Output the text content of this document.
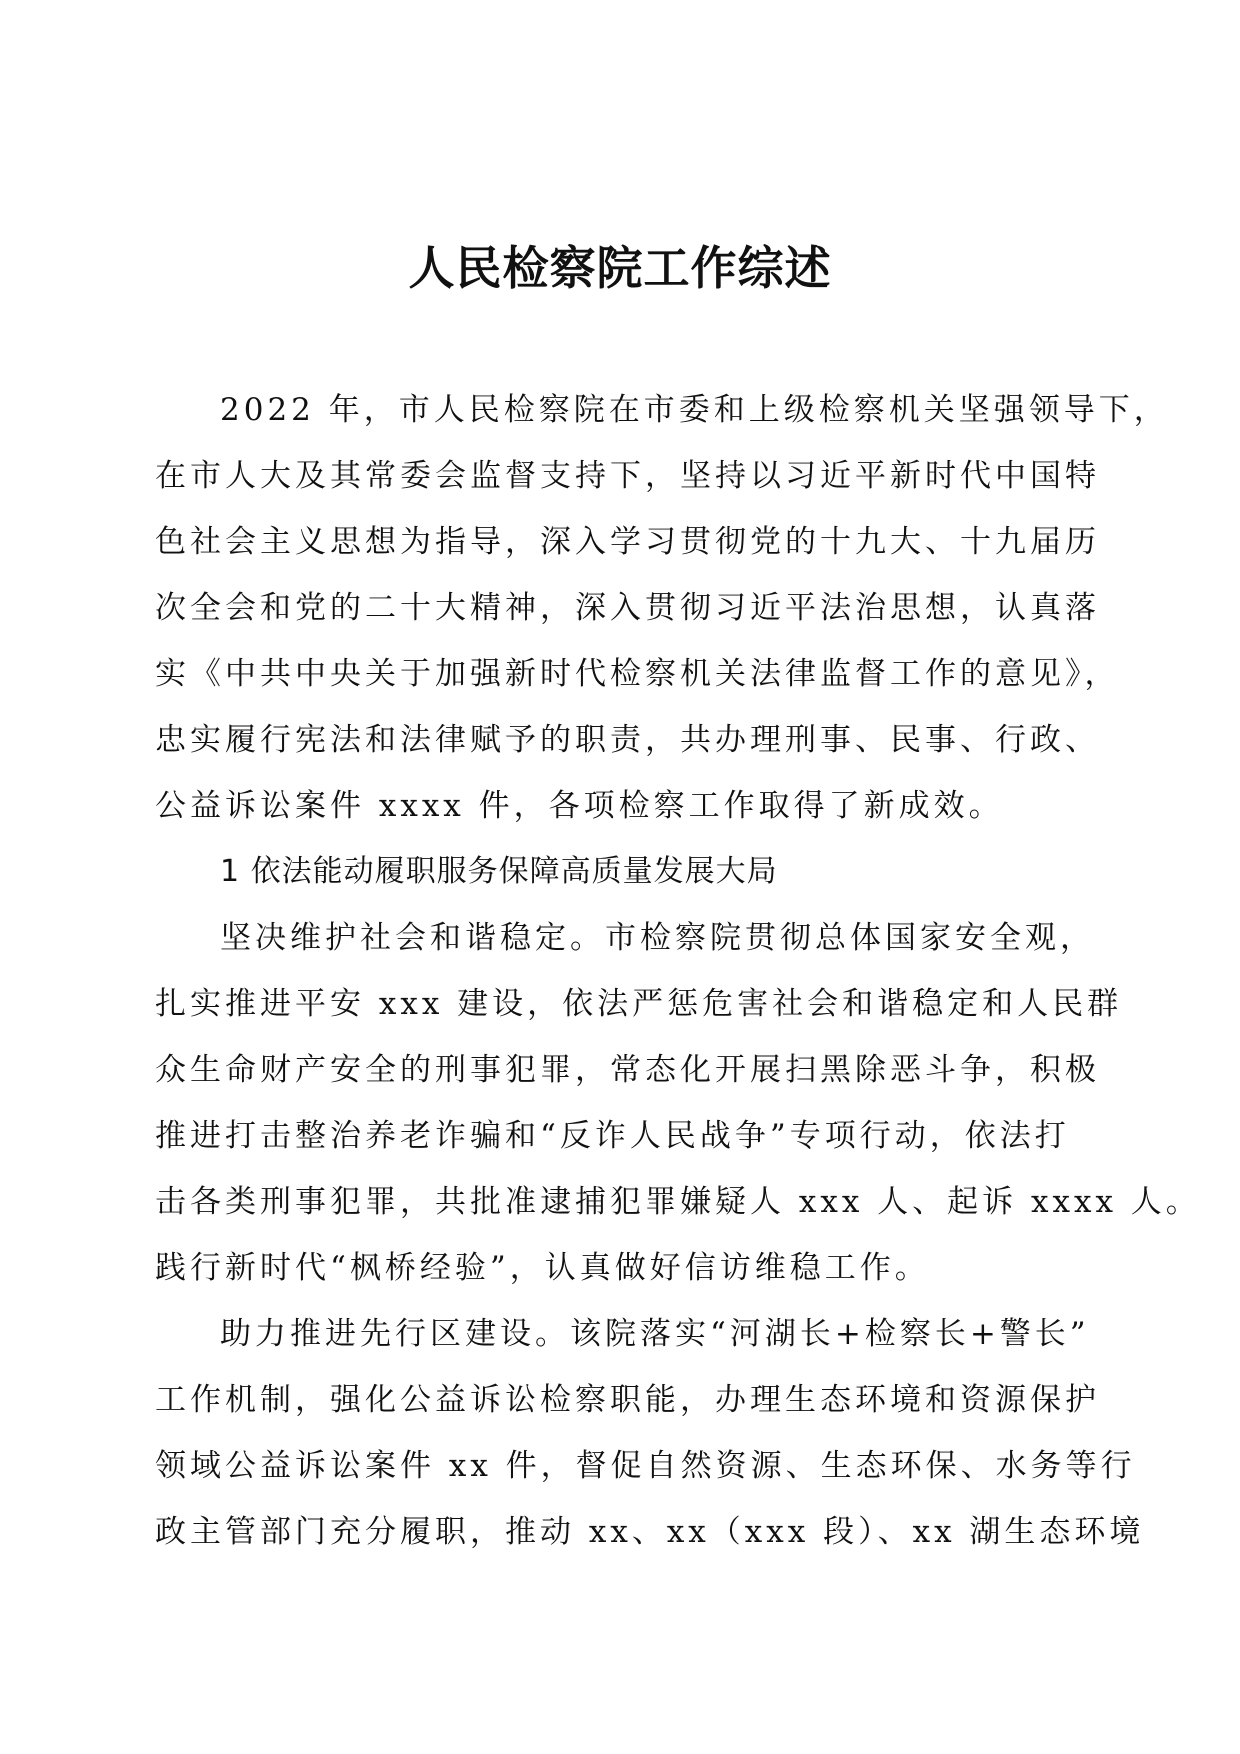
人民检察院工作综述

2022 年，市人民检察院在市委和上级检察机关坚强领导下，

在市人大及其常委会监督支持下，坚持以习近平新时代中国特

色社会主义思想为指导，深入学习贯彻党的十九大、十九届历

次全会和党的二十大精神，深入贯彻习近平法治思想，认真落

实《中共中央关于加强新时代检察机关法律监督工作的意见》，

忠实履行宪法和法律赋予的职责，共办理刑事、民事、行政、

公益诉讼案件 xxxx 件，各项检察工作取得了新成效。

1 依法能动履职服务保障高质量发展大局

坚决维护社会和谐稳定。市检察院贯彻总体国家安全观，

扎实推进平安 xxx 建设，依法严惩危害社会和谐稳定和人民群

众生命财产安全的刑事犯罪，常态化开展扫黑除恶斗争，积极

推进打击整治养老诈骗和“反诈人民战争”专项行动，依法打

击各类刑事犯罪，共批准逮捕犯罪嫌疑人 xxx 人、起诉 xxxx 人。

践行新时代“枫桥经验”，认真做好信访维稳工作。

助力推进先行区建设。该院落实“河湖长+检察长+警长”

工作机制，强化公益诉讼检察职能，办理生态环境和资源保护

领域公益诉讼案件 xx 件，督促自然资源、生态环保、水务等行

政主管部门充分履职，推动 xx、xx（xxx 段）、xx 湖生态环境
